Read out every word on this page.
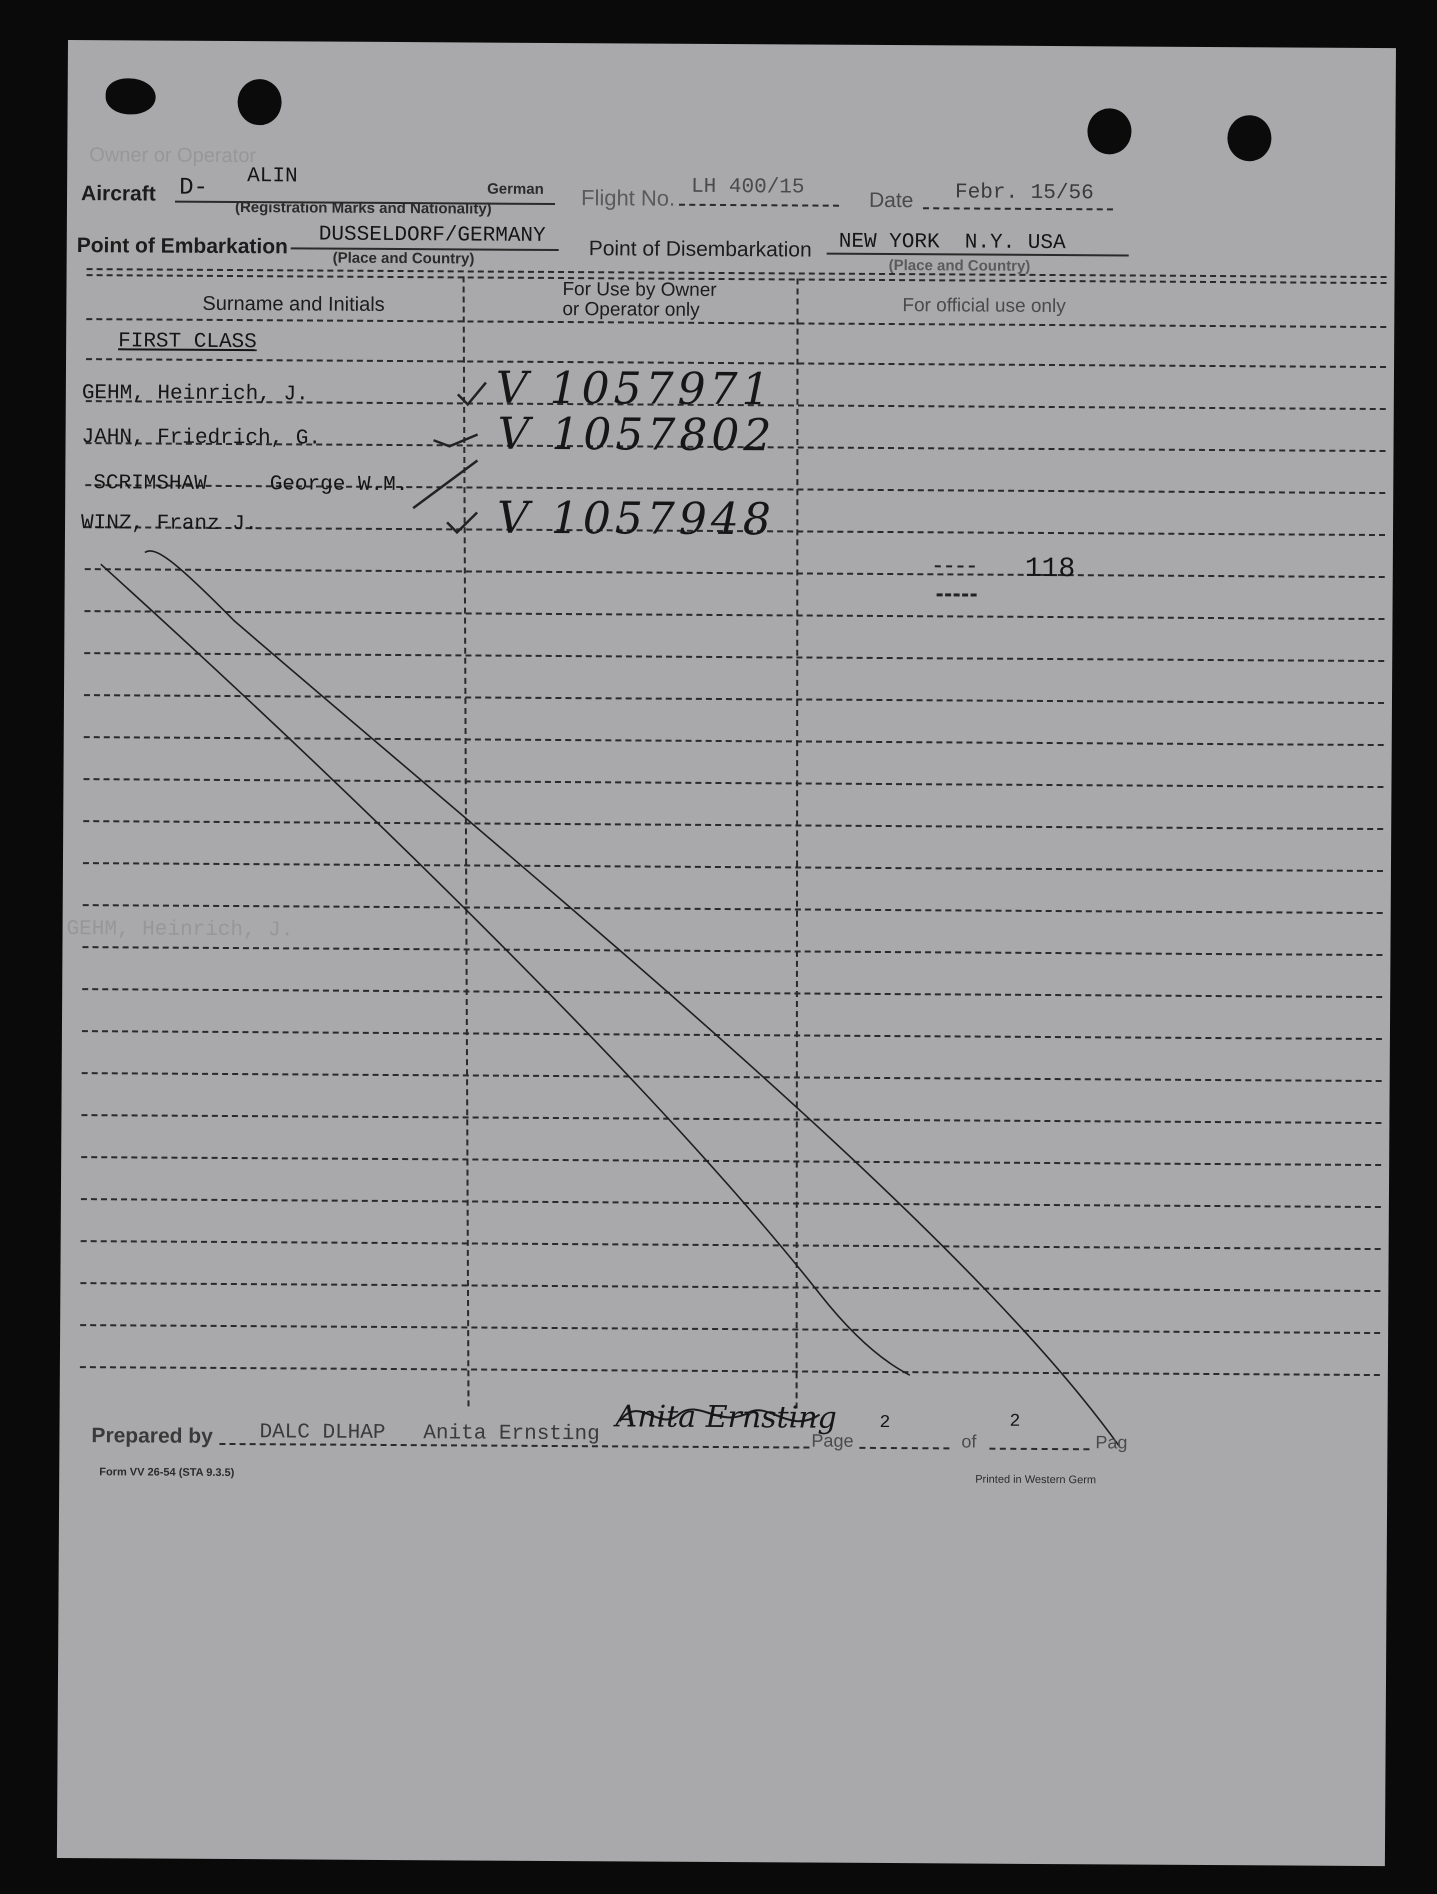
Owner or Operator
Aircraft D- ALIN
German
(Registration Marks and Nationality)	Flight No. LH 400/15
Date Febr. 15/56
Point of Embarkation DUSSELDORF/GERMANY
(Place and Country)	Point of Disembarkation NEW YORK  N.Y. USA
(Place and Country)
Surname and Initials
For Use by Owner
or Operator only	For official use only
FIRST CLASS
GEHM, Heinrich, J.	V 1057971
JAHN, Friedrich, G.	V 1057802
SCRIMSHAW     George W.M.
WINZ, Franz J.	V 1057948
118
GEHM, Heinrich, J.
Prepared by DALC DLHAP   Anita Ernsting Anita Ernsting
Page
2
of
2
Pag
Form VV 26-54 (STA 9.3.5)
Printed in Western Germ
